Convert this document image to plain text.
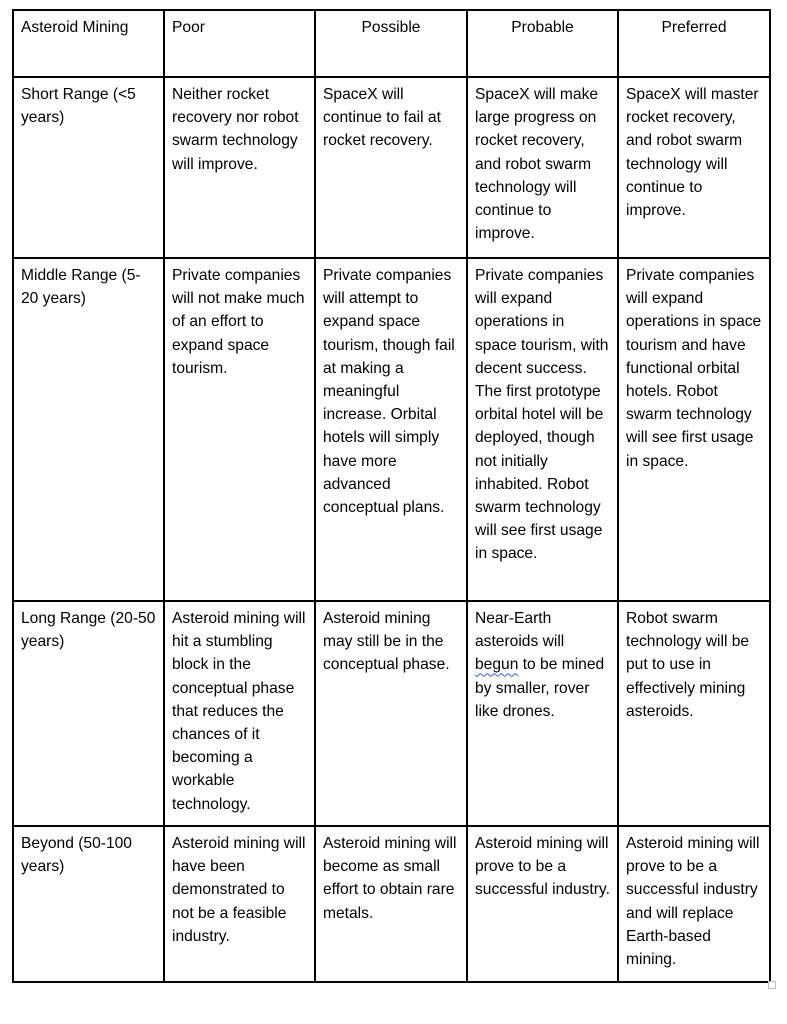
Asteroid Mining	Poor	Possible	Probable	Preferred
Short Range (<5 years)	Neither rocket recovery nor robot swarm technology will improve.	SpaceX will continue to fail at rocket recovery.	SpaceX will make large progress on rocket recovery, and robot swarm technology will continue to improve.	SpaceX will master rocket recovery, and robot swarm technology will continue to improve.
Middle Range (5-20 years)	Private companies will not make much of an effort to expand space tourism.	Private companies will attempt to expand space tourism, though fail at making a meaningful increase. Orbital hotels will simply have more advanced conceptual plans.	Private companies will expand operations in space tourism, with decent success. The first prototype orbital hotel will be deployed, though not initially inhabited. Robot swarm technology will see first usage in space.	Private companies will expand operations in space tourism and have functional orbital hotels. Robot swarm technology will see first usage in space.
Long Range (20-50 years)	Asteroid mining will hit a stumbling block in the conceptual phase that reduces the chances of it becoming a workable technology.	Asteroid mining may still be in the conceptual phase.	Near-Earth asteroids will begun to be mined by smaller, rover like drones.	Robot swarm technology will be put to use in effectively mining asteroids.
Beyond (50-100 years)	Asteroid mining will have been demonstrated to not be a feasible industry.	Asteroid mining will become as small effort to obtain rare metals.	Asteroid mining will prove to be a successful industry.	Asteroid mining will prove to be a successful industry and will replace Earth-based mining.
